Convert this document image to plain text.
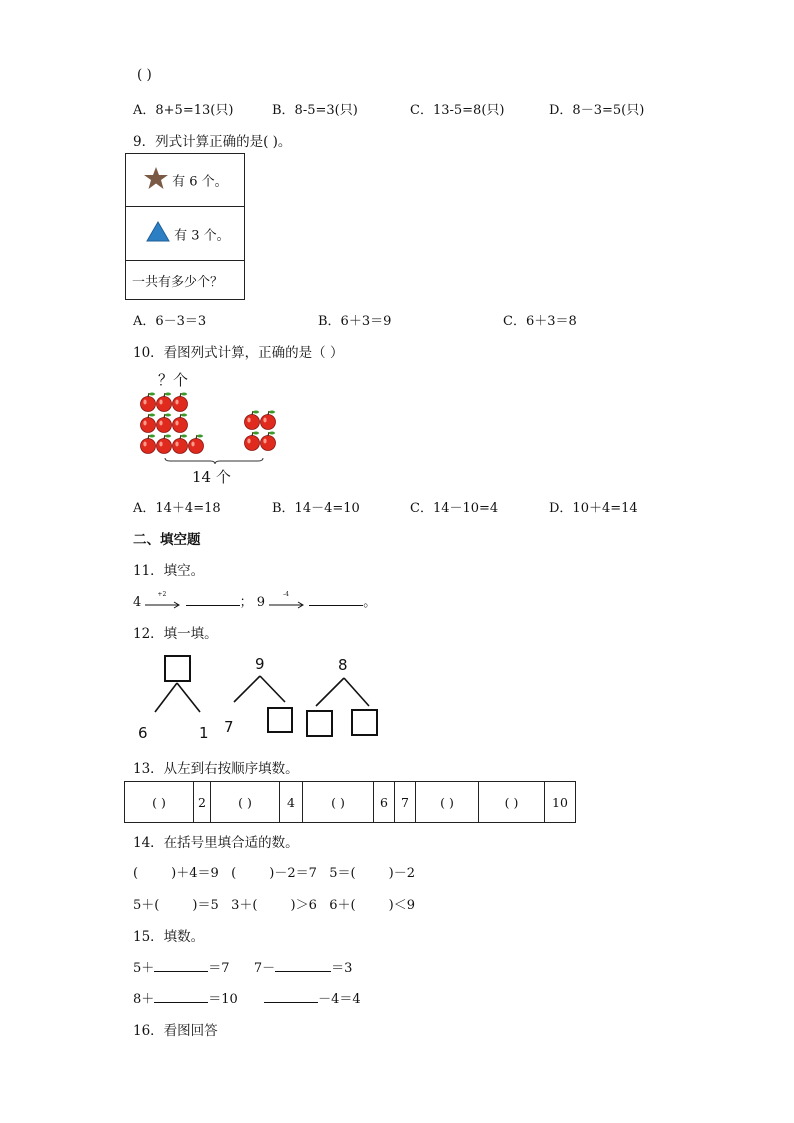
( )
A．8+5=13(只)	B．8-5=3(只)	C．13-5=8(只)	D．8－3=5(只)
9．列式计算正确的是( )。
有 6 个。
有 3 个。
一共有多少个？
A．6－3＝3	B．6＋3＝9	C．6＋3＝8
10．看图列式计算，正确的是（ ）
？个
14 个
A．14＋4=18	B．14－4=10	C．14－10=4	D．10＋4=14
二、填空题
11．填空。
4
+2
； 9
-4
。
12．填一填。
6	1
9
7
8
13．从左到右按顺序填数。
( )	2	( )	4	( )	6	7	( )	( )	10
14．在括号里填合适的数。
(        )＋4＝9   (        )－2＝7   5＝(        )－2
5＋(        )＝5   3＋(        )＞6   6＋(        )＜9
15．填数。
5＋	＝7 7－	＝3
8＋	＝10	－4＝4
16．看图回答
